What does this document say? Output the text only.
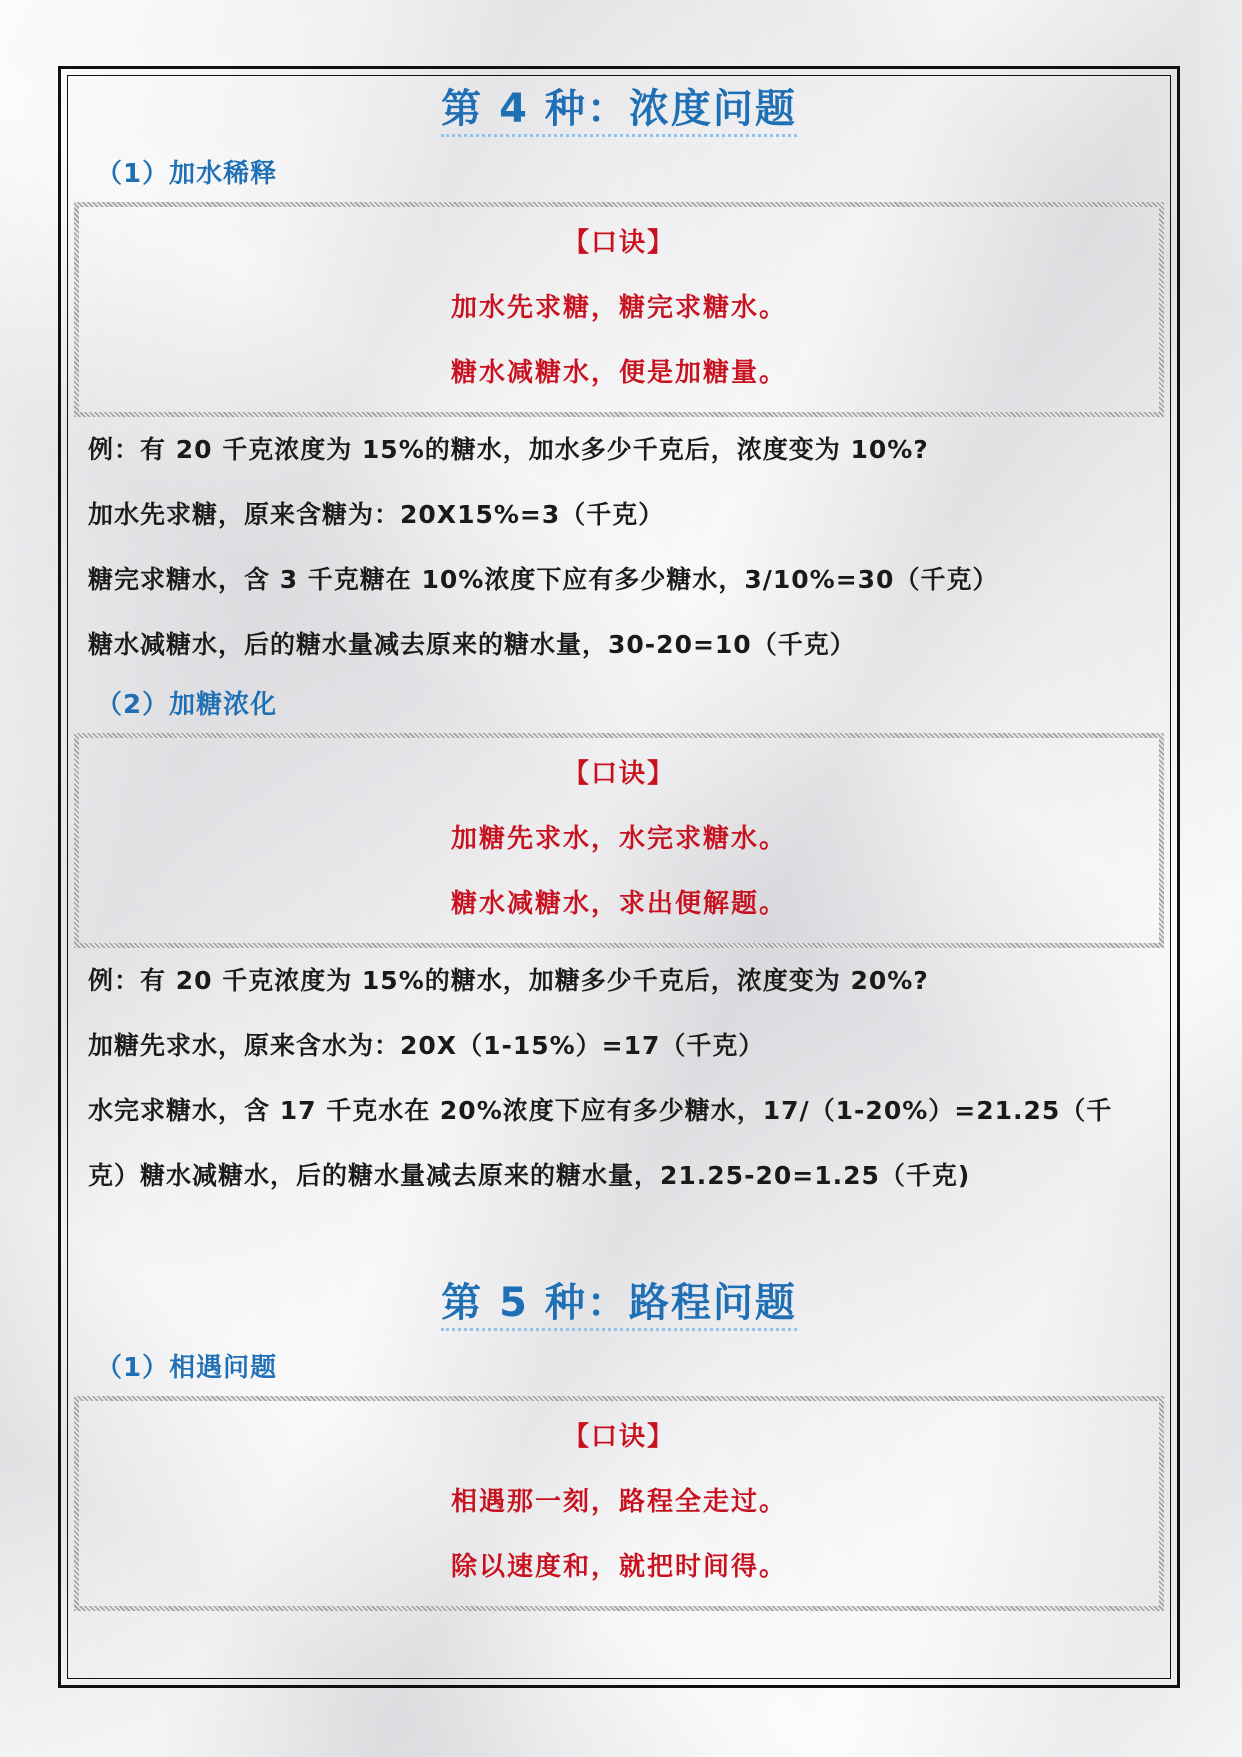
第 4 种：浓度问题
（1）加水稀释
【口诀】
加水先求糖，糖完求糖水。
糖水减糖水，便是加糖量。
例：有 20 千克浓度为 15%的糖水，加水多少千克后，浓度变为 10%?
加水先求糖，原来含糖为：20X15%=3（千克）
糖完求糖水，含 3 千克糖在 10%浓度下应有多少糖水，3/10%=30（千克）
糖水减糖水，后的糖水量减去原来的糖水量，30-20=10（千克）
（2）加糖浓化
【口诀】
加糖先求水，水完求糖水。
糖水减糖水，求出便解题。
例：有 20 千克浓度为 15%的糖水，加糖多少千克后，浓度变为 20%?
加糖先求水，原来含水为：20X（1-15%）=17（千克）
水完求糖水，含 17 千克水在 20%浓度下应有多少糖水，17/（1-20%）=21.25（千
克）糖水减糖水，后的糖水量减去原来的糖水量，21.25-20=1.25（千克)
第 5 种：路程问题
（1）相遇问题
【口诀】
相遇那一刻，路程全走过。
除以速度和，就把时间得。
